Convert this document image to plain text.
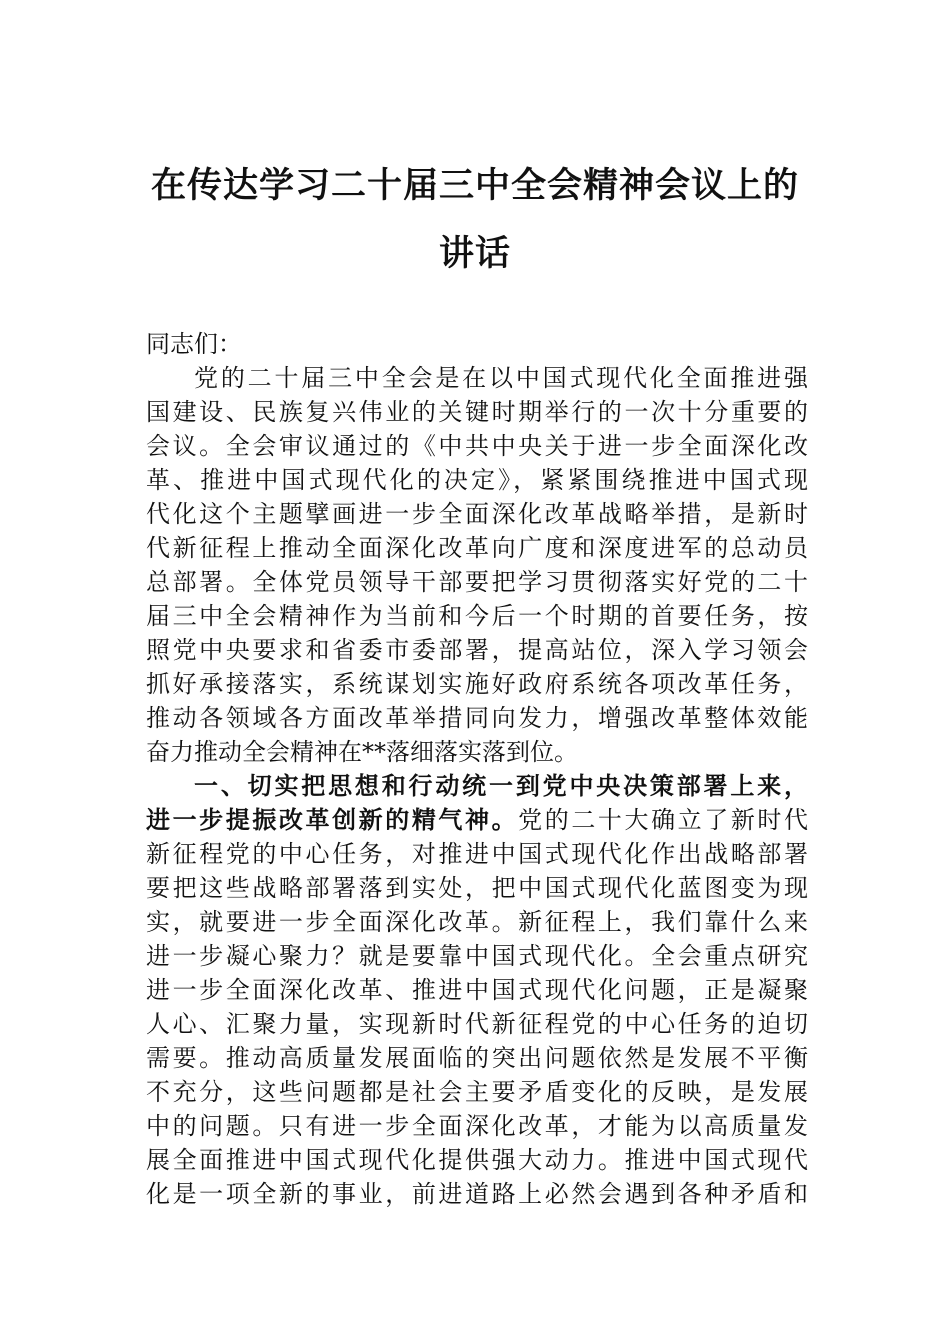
在传达学习二十届三中全会精神会议上的
讲话
同志们：
党的二十届三中全会是在以中国式现代化全面推进强
国建设、民族复兴伟业的关键时期举行的一次十分重要的
会议。全会审议通过的《中共中央关于进一步全面深化改
革、推进中国式现代化的决定》，紧紧围绕推进中国式现
代化这个主题擘画进一步全面深化改革战略举措，是新时
代新征程上推动全面深化改革向广度和深度进军的总动员
总部署。全体党员领导干部要把学习贯彻落实好党的二十
届三中全会精神作为当前和今后一个时期的首要任务，按
照党中央要求和省委市委部署，提高站位，深入学习领会
抓好承接落实，系统谋划实施好政府系统各项改革任务，
推动各领域各方面改革举措同向发力，增强改革整体效能
奋力推动全会精神在**落细落实落到位。
一、切实把思想和行动统一到党中央决策部署上来，
进一步提振改革创新的精气神。党的二十大确立了新时代
新征程党的中心任务，对推进中国式现代化作出战略部署
要把这些战略部署落到实处，把中国式现代化蓝图变为现
实，就要进一步全面深化改革。新征程上，我们靠什么来
进一步凝心聚力？就是要靠中国式现代化。全会重点研究
进一步全面深化改革、推进中国式现代化问题，正是凝聚
人心、汇聚力量，实现新时代新征程党的中心任务的迫切
需要。推动高质量发展面临的突出问题依然是发展不平衡
不充分，这些问题都是社会主要矛盾变化的反映，是发展
中的问题。只有进一步全面深化改革，才能为以高质量发
展全面推进中国式现代化提供强大动力。推进中国式现代
化是一项全新的事业，前进道路上必然会遇到各种矛盾和
